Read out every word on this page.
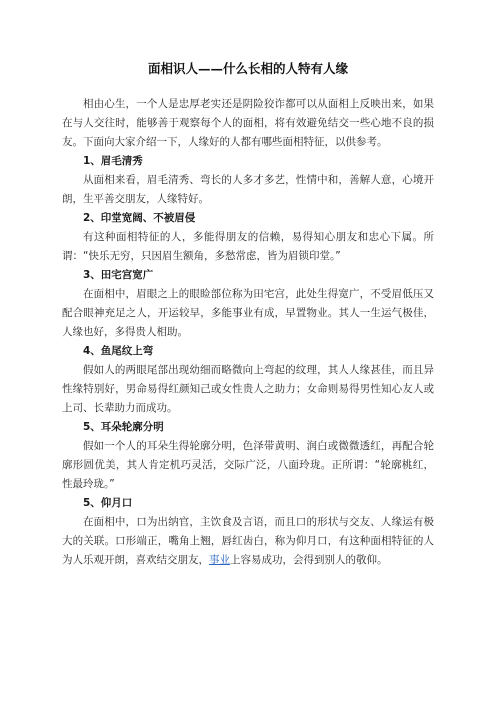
面相识人——什么长相的人特有人缘

相由心生，一个人是忠厚老实还是阴险狡诈都可以从面相上反映出来，如果在与人交往时，能够善于观察每个人的面相，将有效避免结交一些心地不良的损友。下面向大家介绍一下，人缘好的人都有哪些面相特征，以供参考。

1、眉毛清秀

从面相来看，眉毛清秀、弯长的人多才多艺，性情中和，善解人意，心境开朗，生平善交朋友，人缘特好。

2、印堂宽阔、不被眉侵

有这种面相特征的人，多能得朋友的信赖，易得知心朋友和忠心下属。所谓：“快乐无穷，只因眉生额角，多愁常虑，皆为眉锁印堂。”

3、田宅宫宽广

在面相中，眉眼之上的眼睑部位称为田宅宫，此处生得宽广，不受眉低压又配合眼神充足之人，开运较早，多能事业有成，早置物业。其人一生运气极佳，人缘也好，多得贵人相助。

4、鱼尾纹上弯

假如人的两眼尾部出现幼细而略微向上弯起的纹理，其人人缘甚佳，而且异性缘特别好，男命易得红颜知己或女性贵人之助力；女命则易得男性知心友人或上司、长辈助力而成功。

5、耳朵轮廓分明

假如一个人的耳朵生得轮廓分明，色泽带黄明、润白或微微透红，再配合轮廓形圆优美，其人肯定机巧灵活，交际广泛，八面玲珑。正所谓：“轮廓桃红，性最玲珑。”

5、仰月口

在面相中，口为出纳官，主饮食及言语，而且口的形状与交友、人缘运有极大的关联。口形端正，嘴角上翘，唇红齿白，称为仰月口，有这种面相特征的人为人乐观开朗，喜欢结交朋友，事业上容易成功，会得到别人的敬仰。
